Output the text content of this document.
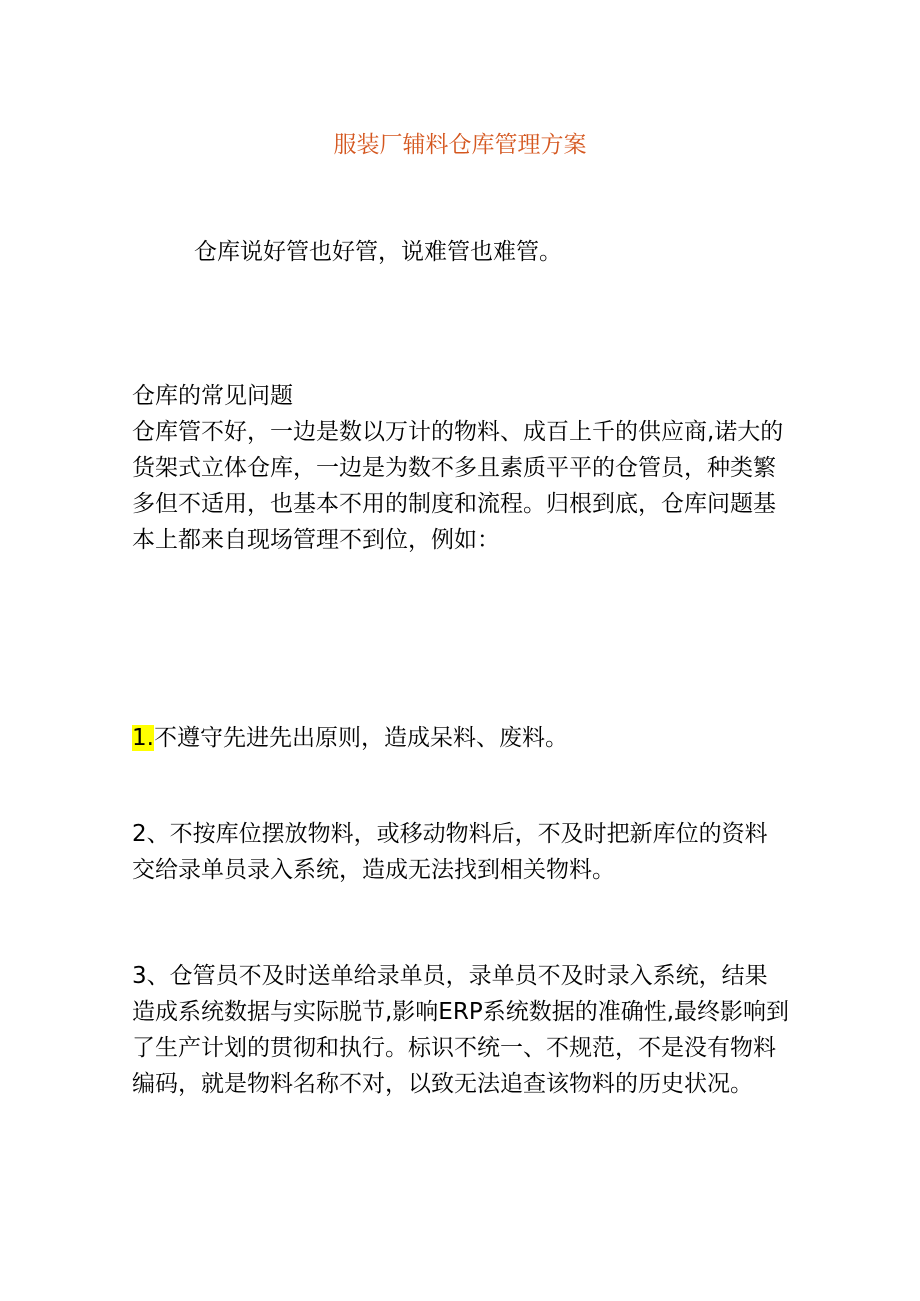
服装厂辅料仓库管理方案
仓库说好管也好管，说难管也难管。

仓库的常见问题

仓库管不好，一边是数以万计的物料、成百上千的供应商,诺大的

货架式立体仓库，一边是为数不多且素质平平的仓管员，种类繁

多但不适用，也基本不用的制度和流程。归根到底，仓库问题基

本上都来自现场管理不到位，例如：

1.不遵守先进先出原则，造成呆料、废料。

2、不按库位摆放物料，或移动物料后，不及时把新库位的资料

交给录单员录入系统，造成无法找到相关物料。

3、仓管员不及时送单给录单员，录单员不及时录入系统，结果

造成系统数据与实际脱节,影响ERP系统数据的准确性,最终影响到

了生产计划的贯彻和执行。标识不统一、不规范，不是没有物料

编码，就是物料名称不对，以致无法追查该物料的历史状况。
